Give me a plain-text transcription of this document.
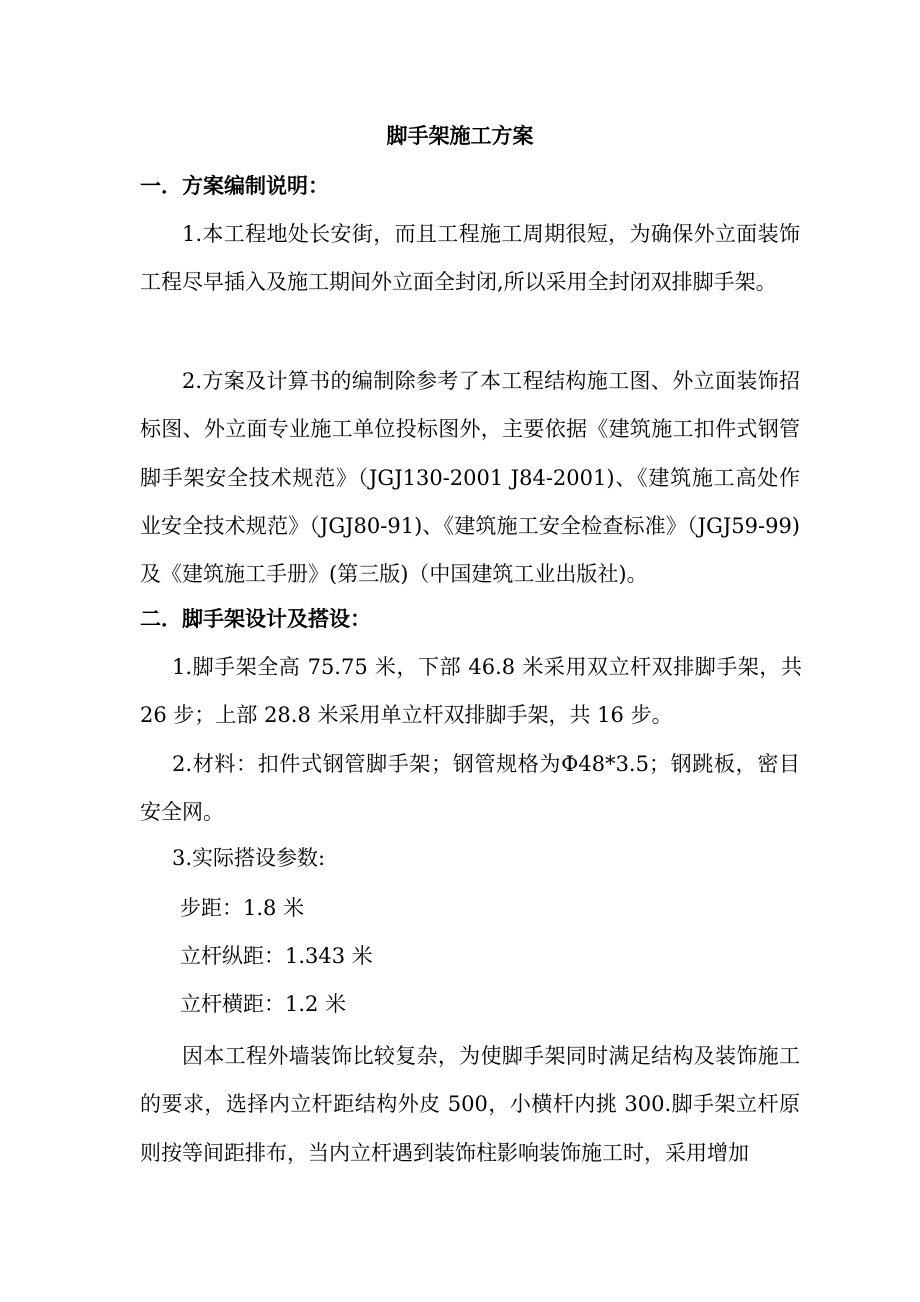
脚手架施工方案
一．方案编制说明：

1.本工程地处长安街，而且工程施工周期很短，为确保外立面装饰工程尽早插入及施工期间外立面全封闭,所以采用全封闭双排脚手架。

2.方案及计算书的编制除参考了本工程结构施工图、外立面装饰招标图、外立面专业施工单位投标图外，主要依据《建筑施工扣件式钢管脚手架安全技术规范》（JGJ130-2001 J84-2001)、《建筑施工高处作业安全技术规范》（JGJ80-91)、《建筑施工安全检查标准》（JGJ59-99)及《建筑施工手册》(第三版)（中国建筑工业出版社)。

二．脚手架设计及搭设：

1.脚手架全高 75.75 米，下部 46.8 米采用双立杆双排脚手架，共 26 步；上部 28.8 米采用单立杆双排脚手架，共 16 步。

2.材料：扣件式钢管脚手架；钢管规格为Φ48*3.5；钢跳板，密目安全网。

3.实际搭设参数:

步距：1.8 米

立杆纵距：1.343 米

立杆横距：1.2 米

因本工程外墙装饰比较复杂，为使脚手架同时满足结构及装饰施工的要求，选择内立杆距结构外皮 500，小横杆内挑 300.脚手架立杆原则按等间距排布，当内立杆遇到装饰柱影响装饰施工时，采用增加
